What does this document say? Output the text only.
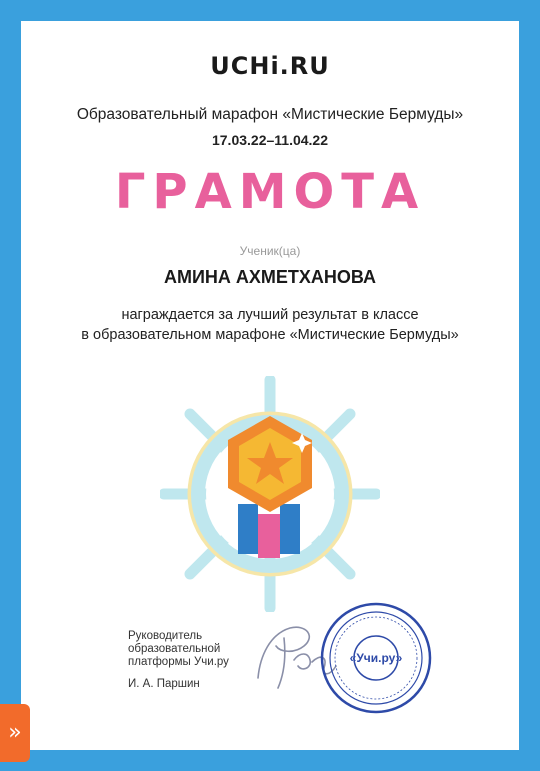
UCHi.RU
Образовательный марафон «Мистические Бермуды»
17.03.22–11.04.22
ГРАМОТА
Ученик(ца)
АМИНА АХМЕТХАНОВА
награждается за лучший результат в классе
в образовательном марафоне «Мистические Бермуды»
Руководитель
образовательной
платформы Учи.ру
И. А. Паршин
«Учи.ру»
»
